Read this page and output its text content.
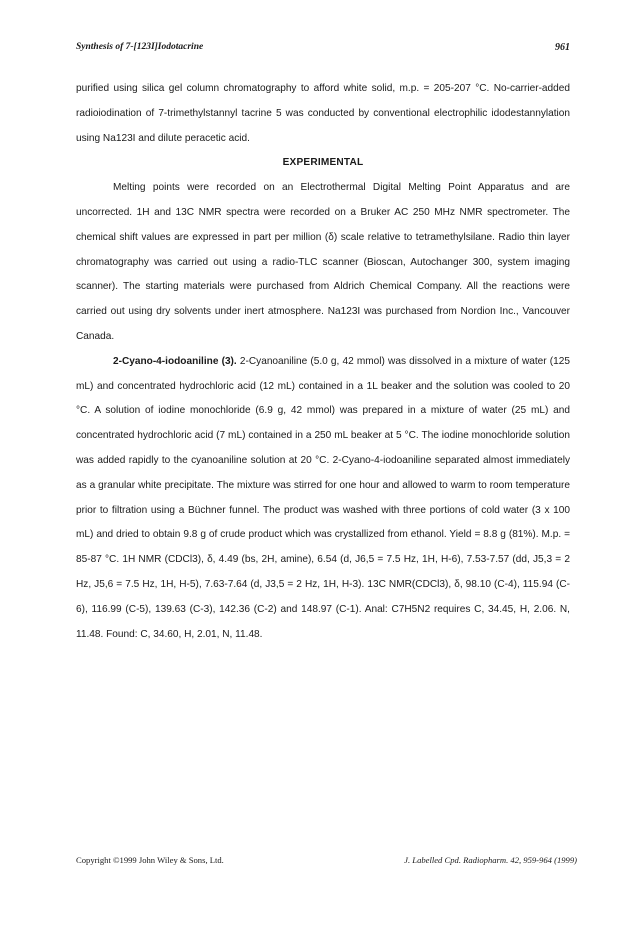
Synthesis of 7-[123I]Iodotacrine	961

purified using silica gel column chromatography to afford white solid, m.p. = 205-207 °C. No-carrier-added radioiodination of 7-trimethylstannyl tacrine 5 was conducted by conventional electrophilic idodestannylation using Na123I and dilute peracetic acid.

EXPERIMENTAL

Melting points were recorded on an Electrothermal Digital Melting Point Apparatus and are uncorrected. 1H and 13C NMR spectra were recorded on a Bruker AC 250 MHz NMR spectrometer. The chemical shift values are expressed in part per million (δ) scale relative to tetramethylsilane. Radio thin layer chromatography was carried out using a radio-TLC scanner (Bioscan, Autochanger 300, system imaging scanner). The starting materials were purchased from Aldrich Chemical Company. All the reactions were carried out using dry solvents under inert atmosphere. Na123I was purchased from Nordion Inc., Vancouver Canada.

2-Cyano-4-iodoaniline (3). 2-Cyanoaniline (5.0 g, 42 mmol) was dissolved in a mixture of water (125 mL) and concentrated hydrochloric acid (12 mL) contained in a 1L beaker and the solution was cooled to 20 °C. A solution of iodine monochloride (6.9 g, 42 mmol) was prepared in a mixture of water (25 mL) and concentrated hydrochloric acid (7 mL) contained in a 250 mL beaker at 5 °C. The iodine monochloride solution was added rapidly to the cyanoaniline solution at 20 °C. 2-Cyano-4-iodoaniline separated almost immediately as a granular white precipitate. The mixture was stirred for one hour and allowed to warm to room temperature prior to filtration using a Büchner funnel. The product was washed with three portions of cold water (3 x 100 mL) and dried to obtain 9.8 g of crude product which was crystallized from ethanol. Yield = 8.8 g (81%). M.p. = 85-87 °C. 1H NMR (CDCl3), δ, 4.49 (bs, 2H, amine), 6.54 (d, J6,5 = 7.5 Hz, 1H, H-6), 7.53-7.57 (dd, J5,3 = 2 Hz, J5,6 = 7.5 Hz, 1H, H-5), 7.63-7.64 (d, J3,5 = 2 Hz, 1H, H-3). 13C NMR(CDCl3), δ, 98.10 (C-4), 115.94 (C-6), 116.99 (C-5), 139.63 (C-3), 142.36 (C-2) and 148.97 (C-1). Anal: C7H5N2 requires C, 34.45, H, 2.06. N, 11.48. Found: C, 34.60, H, 2.01, N, 11.48.

Copyright ©1999 John Wiley & Sons, Ltd.	J. Labelled Cpd. Radiopharm. 42, 959-964 (1999)
